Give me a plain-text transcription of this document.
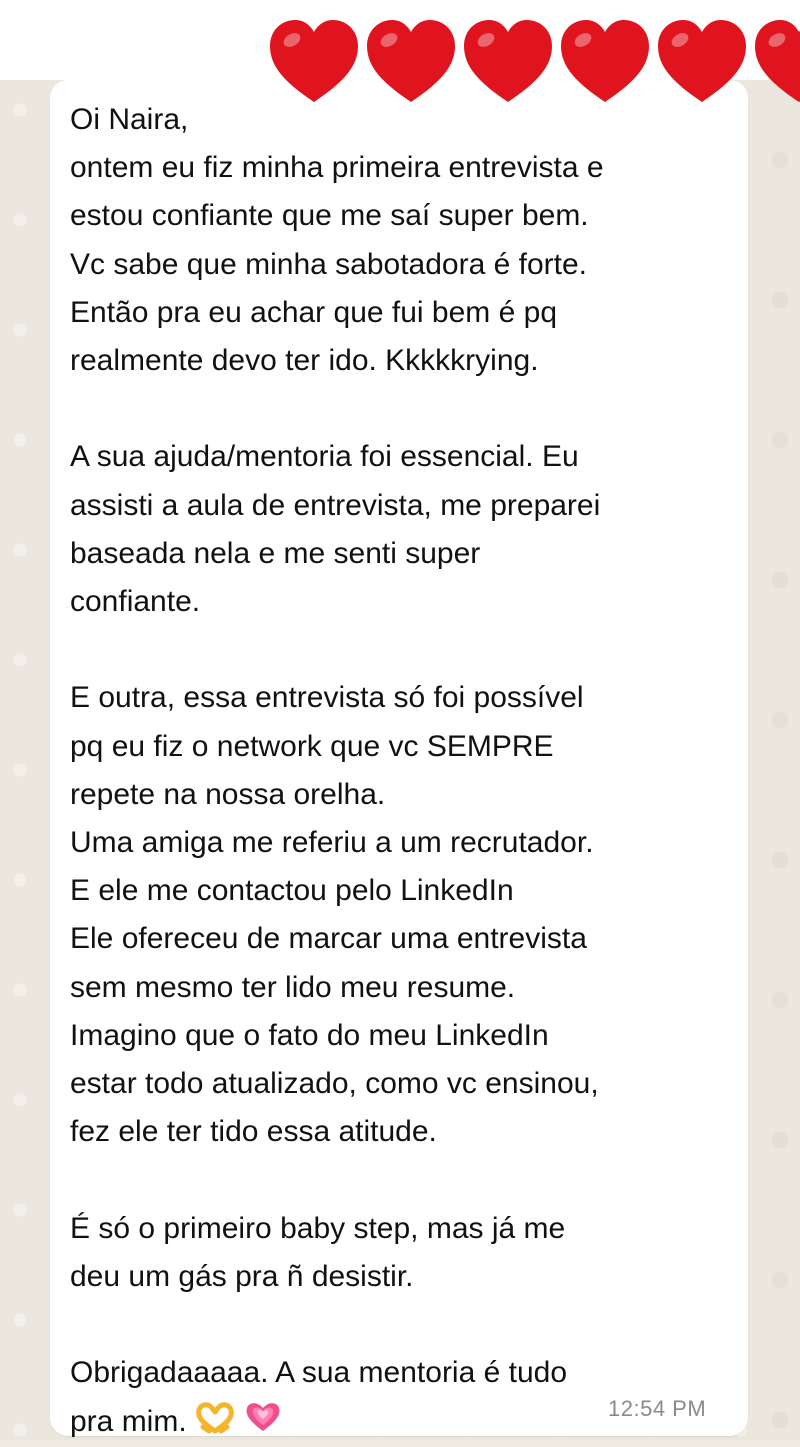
Oi Naira,
ontem eu fiz minha primeira entrevista e
estou confiante que me saí super bem.
Vc sabe que minha sabotadora é forte.
Então pra eu achar que fui bem é pq
realmente devo ter ido. Kkkkkrying.

A sua ajuda/mentoria foi essencial. Eu
assisti a aula de entrevista, me preparei
baseada nela e me senti super
confiante.

E outra, essa entrevista só foi possível
pq eu fiz o network que vc SEMPRE
repete na nossa orelha.
Uma amiga me referiu a um recrutador.
E ele me contactou pelo LinkedIn
Ele ofereceu de marcar uma entrevista
sem mesmo ter lido meu resume.
Imagino que o fato do meu LinkedIn
estar todo atualizado, como vc ensinou,
fez ele ter tido essa atitude.

É só o primeiro baby step, mas já me
deu um gás pra ñ desistir.

Obrigadaaaaa. A sua mentoria é tudo
pra mim.	12:54 PM
